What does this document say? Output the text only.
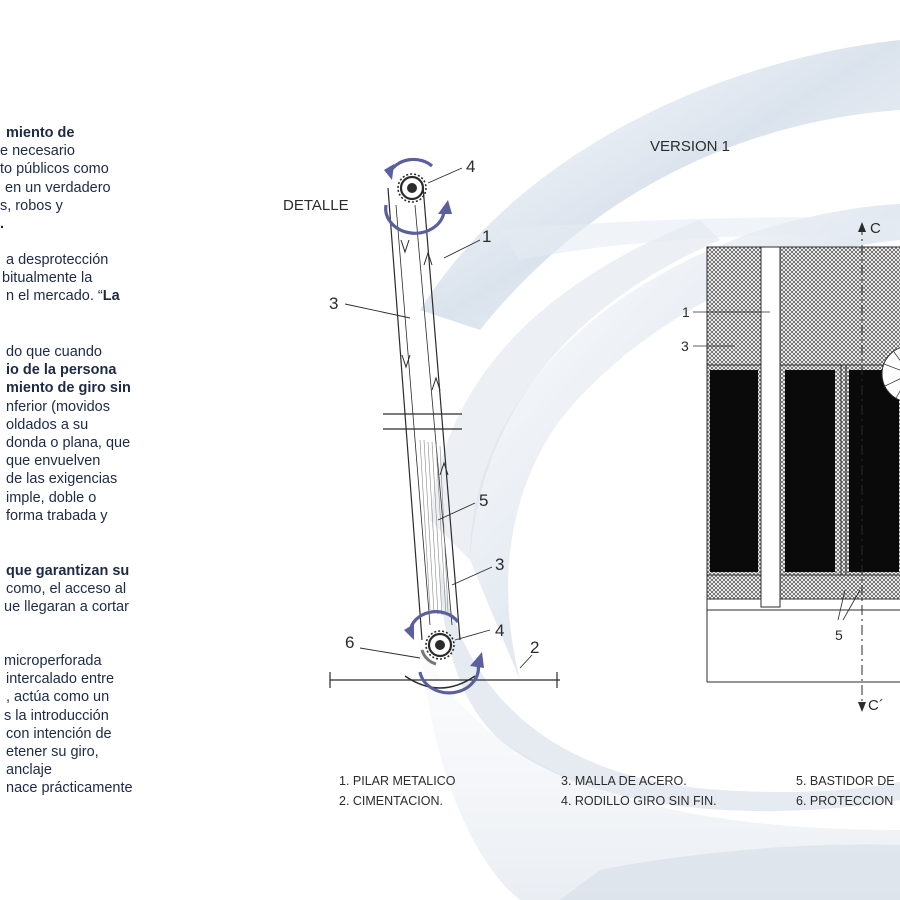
miento de
e necesario
to públicos como
en un verdadero
s, robos y
.
a desprotección
bitualmente la
n el mercado. “La
do que cuando
io de la persona
miento de giro sin
nferior (movidos
oldados a su
donda o plana, que
que envuelven
de las exigencias
imple, doble o
forma trabada y
que garantizan su
como, el acceso al
ue llegaran a cortar
microperforada
intercalado entre
, actúa como un
s la introducción
con intención de
etener su giro,
anclaje
nace prácticamente
DETALLE
4
1
3
5
3
4
6	2
VERSION 1
C
C´
1
3
5
1. PILAR METALICO
2. CIMENTACION.
3. MALLA DE ACERO.
4. RODILLO GIRO SIN FIN.
5. BASTIDOR DE
6. PROTECCION
